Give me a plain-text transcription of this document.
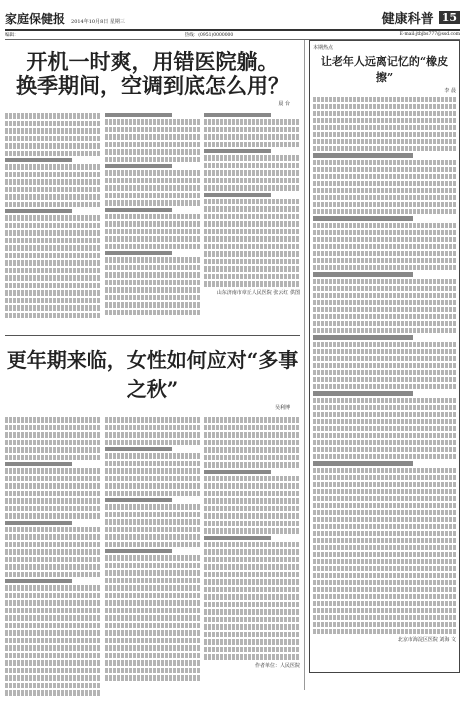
家庭保健报 2014年10月8日 星期三	健康科普 15
编辑：	热线：(0951)0000000	E-mail:jtbjbs777@ssd.com
开机一时爽，用错医院躺。
换季期间，空调到底怎么用？
晨 台
山东济南市章丘人民医院 张云红 供图
更年期来临，女性如何应对“多事之秋”
吴利博
作者单位：人民医院
本期热点
让老年人远离记忆的“橡皮擦”
李 晨
北京市海淀区医院 刘海 文
